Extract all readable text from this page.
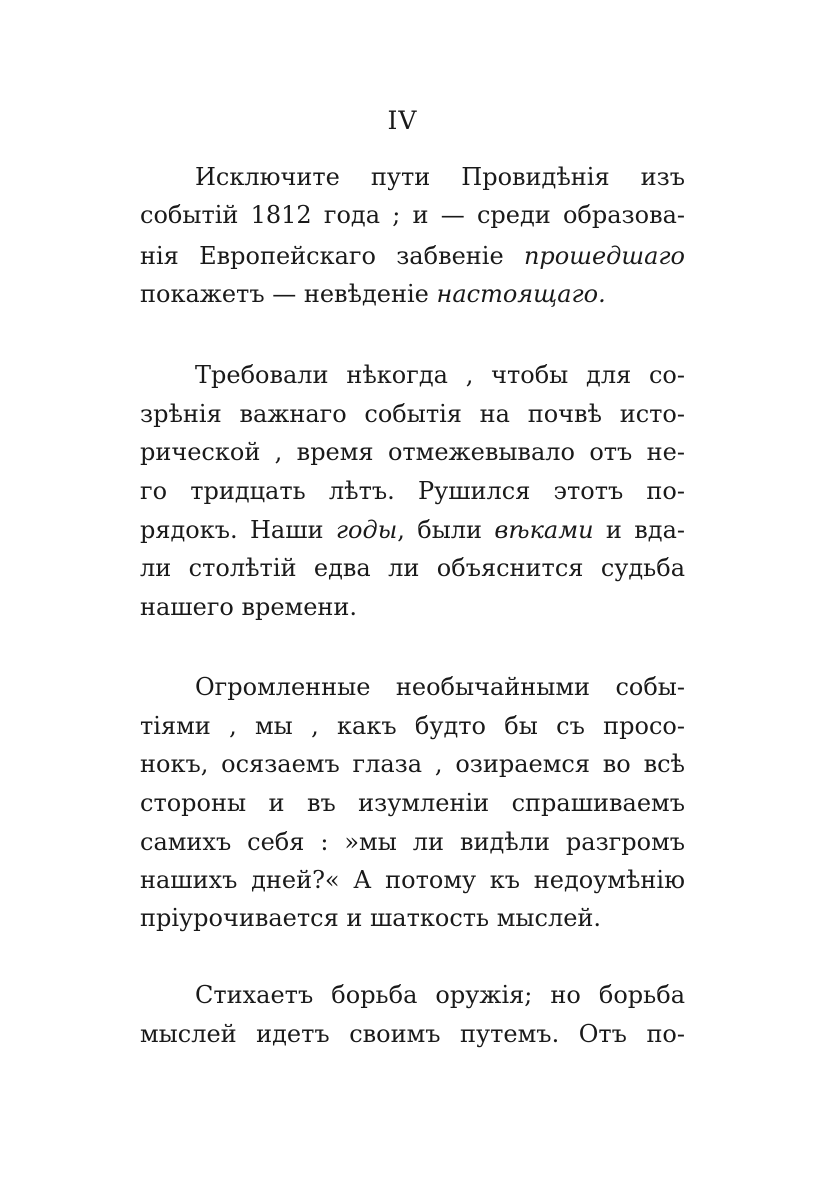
IV
Исключите пути Провидѣнія изъ
событій 1812 года ; и — среди образова-
нія Европейскаго забвеніе прошедшаго
покажетъ — невѣденіе настоящаго.
Требовали нѣкогда , чтобы для со-
зрѣнія важнаго событія на почвѣ исто-
рической , время отмежевывало отъ не-
го тридцать лѣтъ. Рушился этотъ по-
рядокъ. Наши годы, были вѣками и вда-
ли столѣтій едва ли объяснится судьба
нашего времени.
Огромленные необычайными собы-
тіями , мы , какъ будто бы съ просо-
нокъ, осязаемъ глаза , озираемся во всѣ
стороны и въ изумленіи спрашиваемъ
самихъ себя : »мы ли видѣли разгромъ
нашихъ дней?« А потому къ недоумѣнію
пріурочивается и шаткость мыслей.
Стихаетъ борьба оружія; но борьба
мыслей идетъ своимъ путемъ. Отъ по-
